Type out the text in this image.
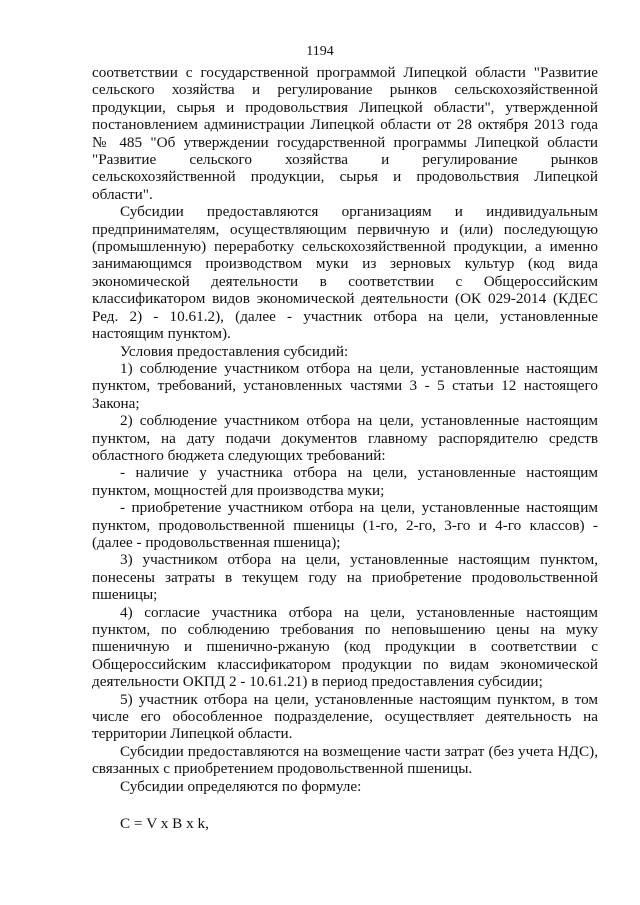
1194
соответствии с государственной программой Липецкой области "Развитие
сельского хозяйства и регулирование рынков сельскохозяйственной
продукции, сырья и продовольствия Липецкой области", утвержденной
постановлением администрации Липецкой области от 28 октября 2013 года
№ 485 "Об утверждении государственной программы Липецкой области
"Развитие сельского хозяйства и регулирование рынков
сельскохозяйственной продукции, сырья и продовольствия Липецкой
области".
Субсидии предоставляются организациям и индивидуальным
предпринимателям, осуществляющим первичную и (или) последующую
(промышленную) переработку сельскохозяйственной продукции, а именно
занимающимся производством муки из зерновых культур (код вида
экономической деятельности в соответствии с Общероссийским
классификатором видов экономической деятельности (ОК 029-2014 (КДЕС
Ред. 2) - 10.61.2), (далее - участник отбора на цели, установленные
настоящим пунктом).
Условия предоставления субсидий:
1) соблюдение участником отбора на цели, установленные настоящим
пунктом, требований, установленных частями 3 - 5 статьи 12 настоящего
Закона;
2) соблюдение участником отбора на цели, установленные настоящим
пунктом, на дату подачи документов главному распорядителю средств
областного бюджета следующих требований:
- наличие у участника отбора на цели, установленные настоящим
пунктом, мощностей для производства муки;
- приобретение участником отбора на цели, установленные настоящим
пунктом, продовольственной пшеницы (1-го, 2-го, 3-го и 4-го классов) -
(далее - продовольственная пшеница);
3) участником отбора на цели, установленные настоящим пунктом,
понесены затраты в текущем году на приобретение продовольственной
пшеницы;
4) согласие участника отбора на цели, установленные настоящим
пунктом, по соблюдению требования по неповышению цены на муку
пшеничную и пшенично-ржаную (код продукции в соответствии с
Общероссийским классификатором продукции по видам экономической
деятельности ОКПД 2 - 10.61.21) в период предоставления субсидии;
5) участник отбора на цели, установленные настоящим пунктом, в том
числе его обособленное подразделение, осуществляет деятельность на
территории Липецкой области.
Субсидии предоставляются на возмещение части затрат (без учета НДС),
связанных с приобретением продовольственной пшеницы.
Субсидии определяются по формуле:
С = V x B x k,
